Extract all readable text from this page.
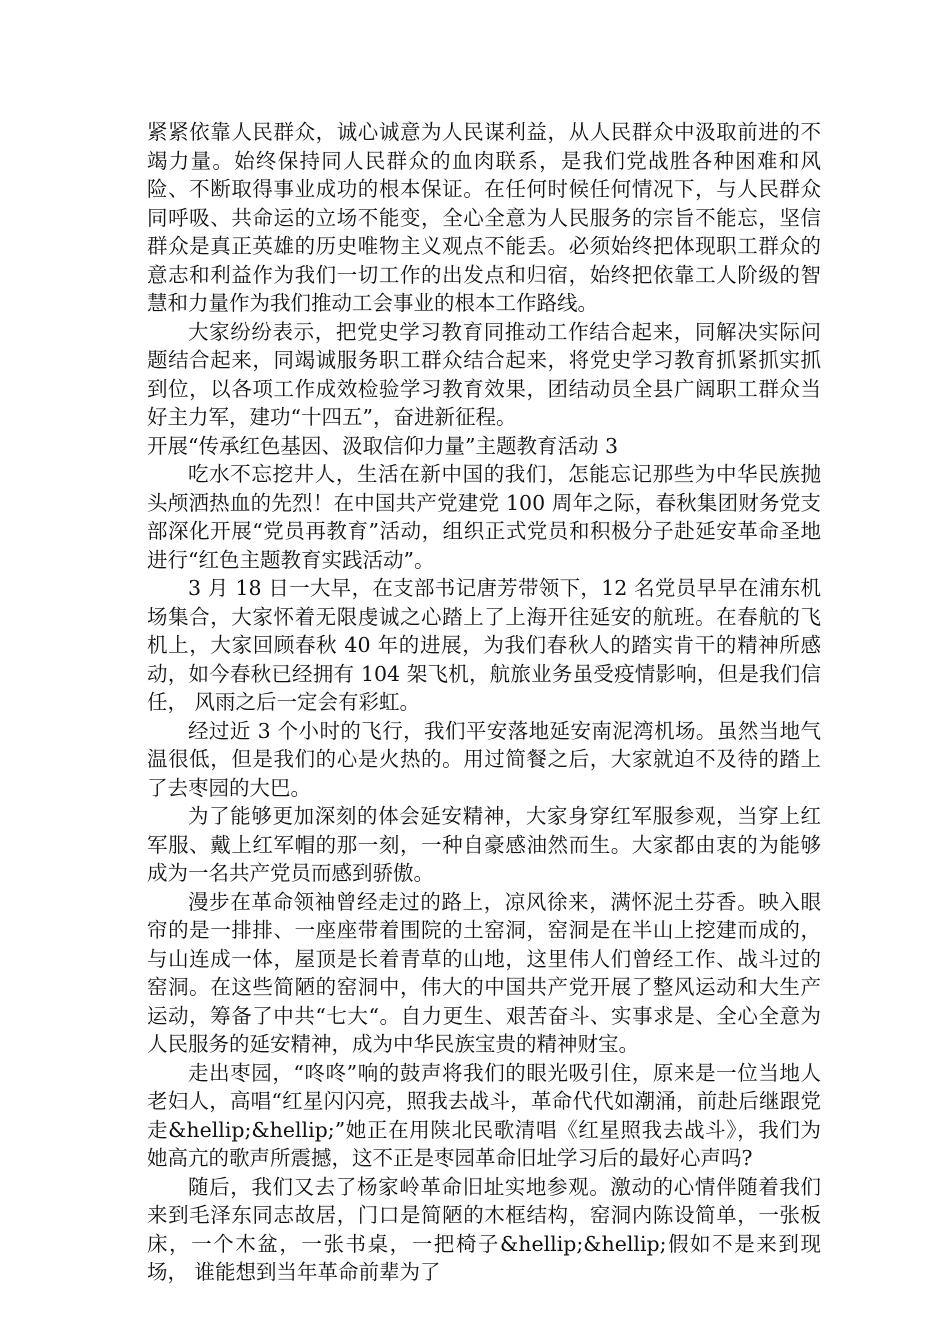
紧紧依靠人民群众，诚心诚意为人民谋利益，从人民群众中汲取前进的不竭力量。始终保持同人民群众的血肉联系，是我们党战胜各种困难和风险、不断取得事业成功的根本保证。在任何时候任何情况下，与人民群众同呼吸、共命运的立场不能变，全心全意为人民服务的宗旨不能忘，坚信群众是真正英雄的历史唯物主义观点不能丢。必须始终把体现职工群众的意志和利益作为我们一切工作的出发点和归宿，始终把依靠工人阶级的智慧和力量作为我们推动工会事业的根本工作路线。

大家纷纷表示，把党史学习教育同推动工作结合起来，同解决实际问题结合起来，同竭诚服务职工群众结合起来，将党史学习教育抓紧抓实抓到位，以各项工作成效检验学习教育效果，团结动员全县广阔职工群众当好主力军，建功“十四五”，奋进新征程。

开展“传承红色基因、汲取信仰力量”主题教育活动 3

吃水不忘挖井人，生活在新中国的我们，怎能忘记那些为中华民族抛头颅洒热血的先烈！在中国共产党建党 100 周年之际，春秋集团财务党支部深化开展“党员再教育”活动，组织正式党员和积极分子赴延安革命圣地进行“红色主题教育实践活动”。

3 月 18 日一大早，在支部书记唐芳带领下，12 名党员早早在浦东机场集合，大家怀着无限虔诚之心踏上了上海开往延安的航班。在春航的飞机上，大家回顾春秋 40 年的进展，为我们春秋人的踏实肯干的精神所感动，如今春秋已经拥有 104 架飞机，航旅业务虽受疫情影响，但是我们信任， 风雨之后一定会有彩虹。

经过近 3 个小时的飞行，我们平安落地延安南泥湾机场。虽然当地气温很低，但是我们的心是火热的。用过简餐之后，大家就迫不及待的踏上了去枣园的大巴。

为了能够更加深刻的体会延安精神，大家身穿红军服参观，当穿上红军服、戴上红军帽的那一刻，一种自豪感油然而生。大家都由衷的为能够成为一名共产党员而感到骄傲。

漫步在革命领袖曾经走过的路上，凉风徐来，满怀泥土芬香。映入眼帘的是一排排、一座座带着围院的土窑洞，窑洞是在半山上挖建而成的，与山连成一体，屋顶是长着青草的山地，这里伟人们曾经工作、战斗过的窑洞。在这些简陋的窑洞中，伟大的中国共产党开展了整风运动和大生产运动，筹备了中共“七大“。自力更生、艰苦奋斗、实事求是、全心全意为人民服务的延安精神，成为中华民族宝贵的精神财宝。

走出枣园，“咚咚”响的鼓声将我们的眼光吸引住，原来是一位当地人老妇人，高唱“红星闪闪亮，照我去战斗，革命代代如潮涌，前赴后继跟党走&hellip;&hellip;”她正在用陕北民歌清唱《红星照我去战斗》，我们为她高亢的歌声所震撼，这不正是枣园革命旧址学习后的最好心声吗?

随后，我们又去了杨家岭革命旧址实地参观。激动的心情伴随着我们来到毛泽东同志故居，门口是简陋的木框结构，窑洞内陈设简单，一张板床，一个木盆，一张书桌，一把椅子&hellip;&hellip;假如不是来到现场， 谁能想到当年革命前辈为了
